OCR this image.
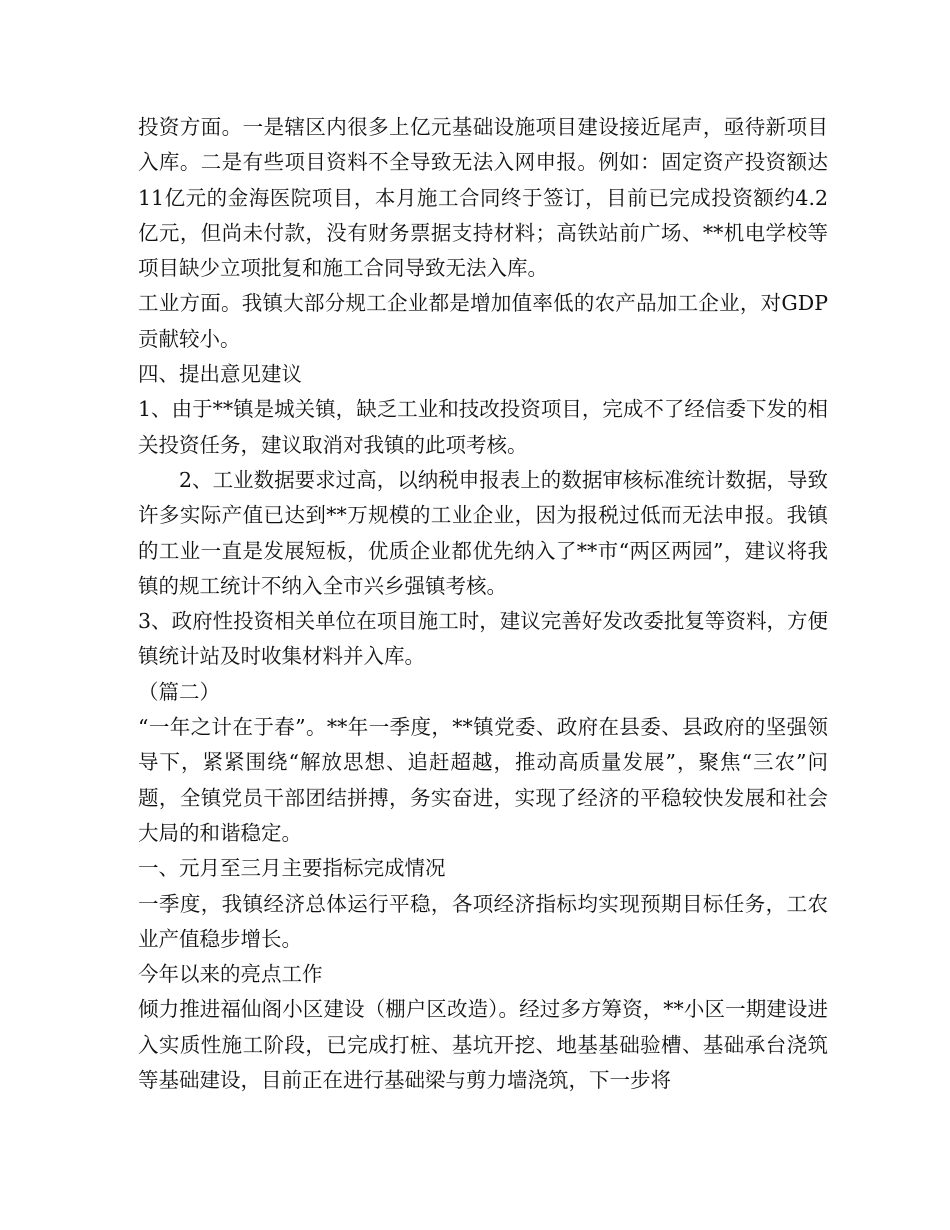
投资方面。一是辖区内很多上亿元基础设施项目建设接近尾声，亟待新项目入库。二是有些项目资料不全导致无法入网申报。例如：固定资产投资额达11亿元的金海医院项目，本月施工合同终于签订，目前已完成投资额约4.2亿元，但尚未付款，没有财务票据支持材料；高铁站前广场、**机电学校等项目缺少立项批复和施工合同导致无法入库。

工业方面。我镇大部分规工企业都是增加值率低的农产品加工企业，对GDP贡献较小。

四、提出意见建议

1、由于**镇是城关镇，缺乏工业和技改投资项目，完成不了经信委下发的相关投资任务，建议取消对我镇的此项考核。

2、工业数据要求过高，以纳税申报表上的数据审核标准统计数据，导致许多实际产值已达到**万规模的工业企业，因为报税过低而无法申报。我镇的工业一直是发展短板，优质企业都优先纳入了**市“两区两园”，建议将我镇的规工统计不纳入全市兴乡强镇考核。

3、政府性投资相关单位在项目施工时，建议完善好发改委批复等资料，方便镇统计站及时收集材料并入库。

（篇二）

“一年之计在于春”。**年一季度，**镇党委、政府在县委、县政府的坚强领导下，紧紧围绕“解放思想、追赶超越，推动高质量发展”，聚焦“三农”问题，全镇党员干部团结拼搏，务实奋进，实现了经济的平稳较快发展和社会大局的和谐稳定。

一、元月至三月主要指标完成情况

一季度，我镇经济总体运行平稳，各项经济指标均实现预期目标任务，工农业产值稳步增长。

今年以来的亮点工作

倾力推进福仙阁小区建设（棚户区改造）。经过多方筹资，**小区一期建设进入实质性施工阶段，已完成打桩、基坑开挖、地基基础验槽、基础承台浇筑等基础建设，目前正在进行基础梁与剪力墙浇筑，下一步将
